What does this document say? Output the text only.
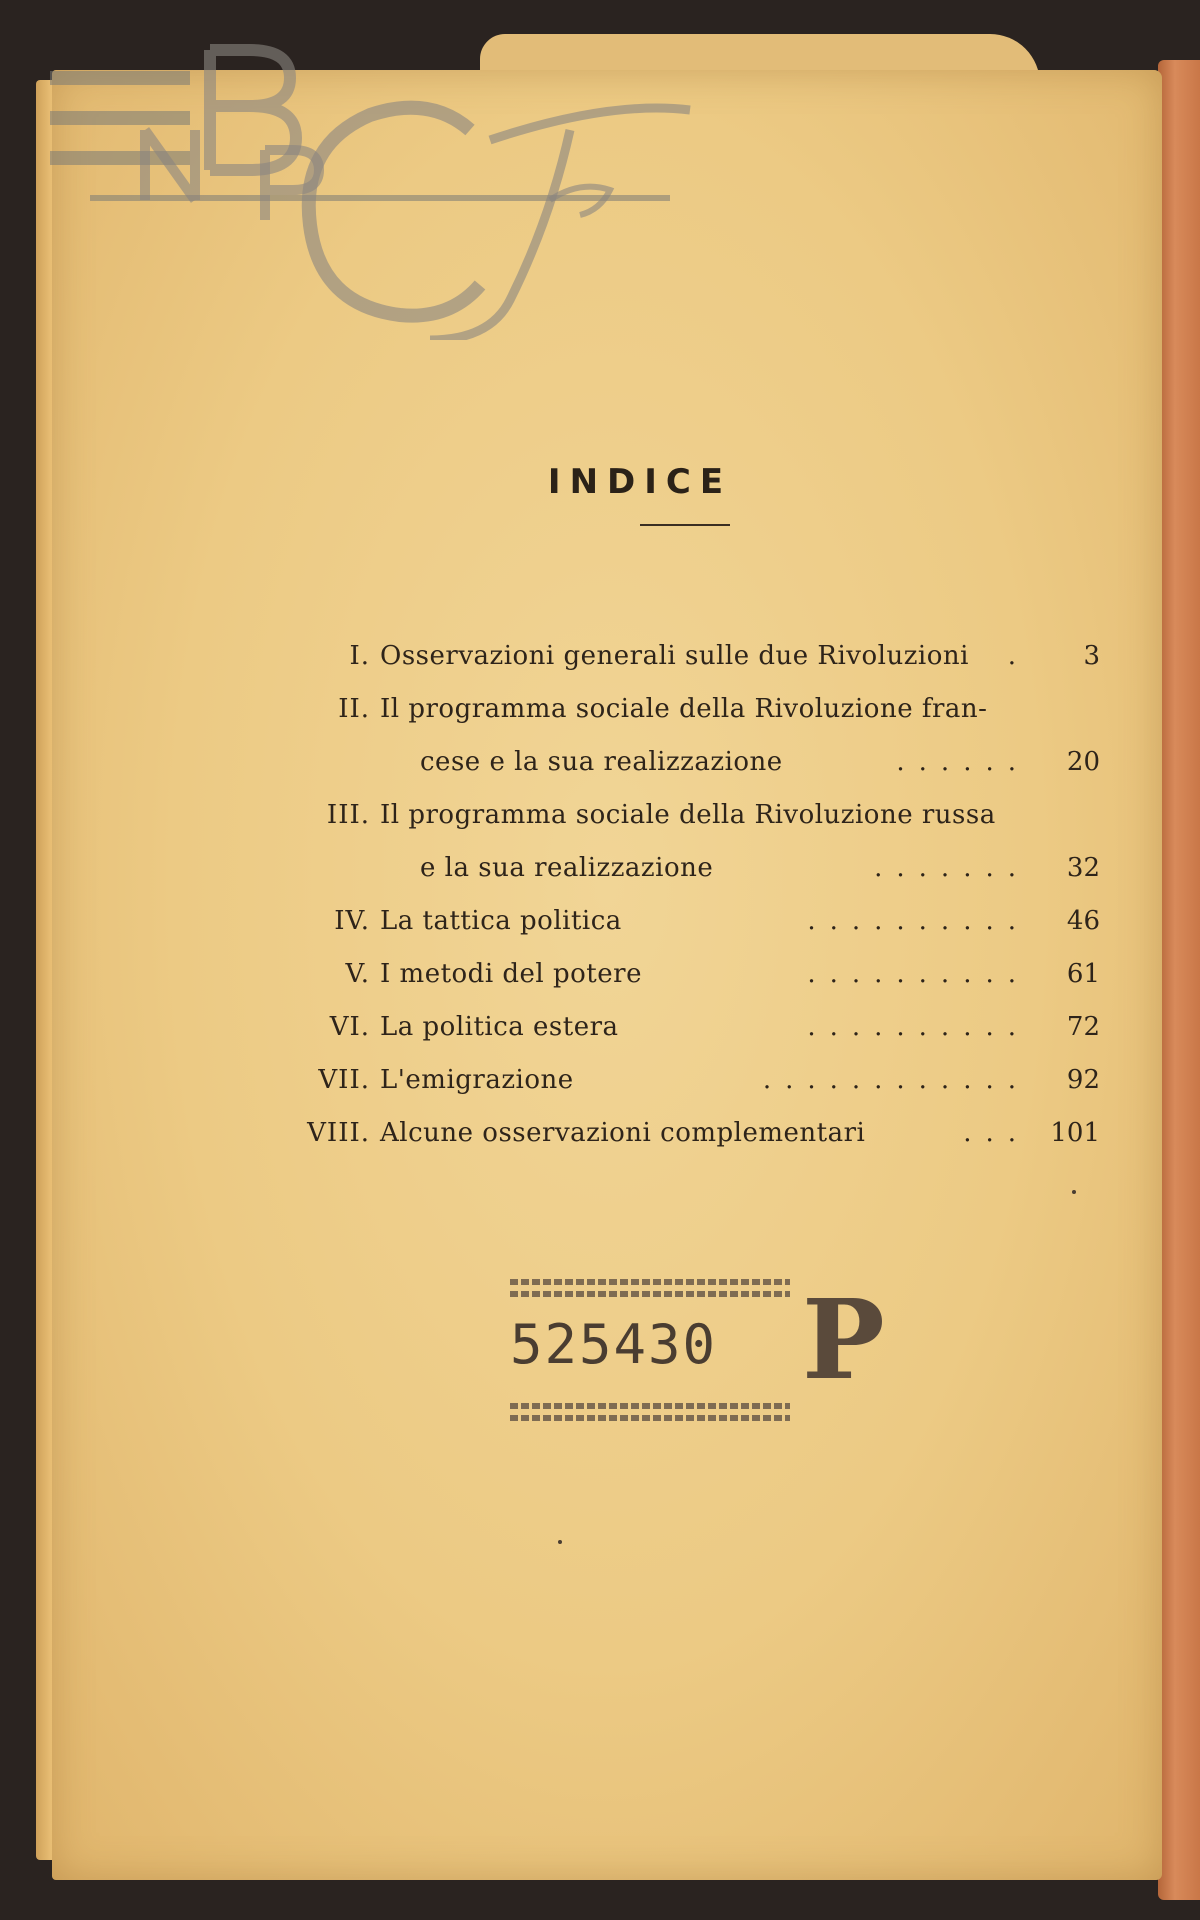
INDICE
I. Osservazioni generali sulle due Rivoluzioni .	3
II. Il programma sociale della Rivoluzione fran-
cese e la sua realizzazione	......	20
III. Il programma sociale della Rivoluzione russa
e la sua realizzazione	.......	32
IV. La tattica politica	..........	46
V. I metodi del potere	..........	61
VI. La politica estera	..........	72
VII. L'emigrazione	............	92
VIII. Alcune osservazioni complementari	... 101
525430 P
